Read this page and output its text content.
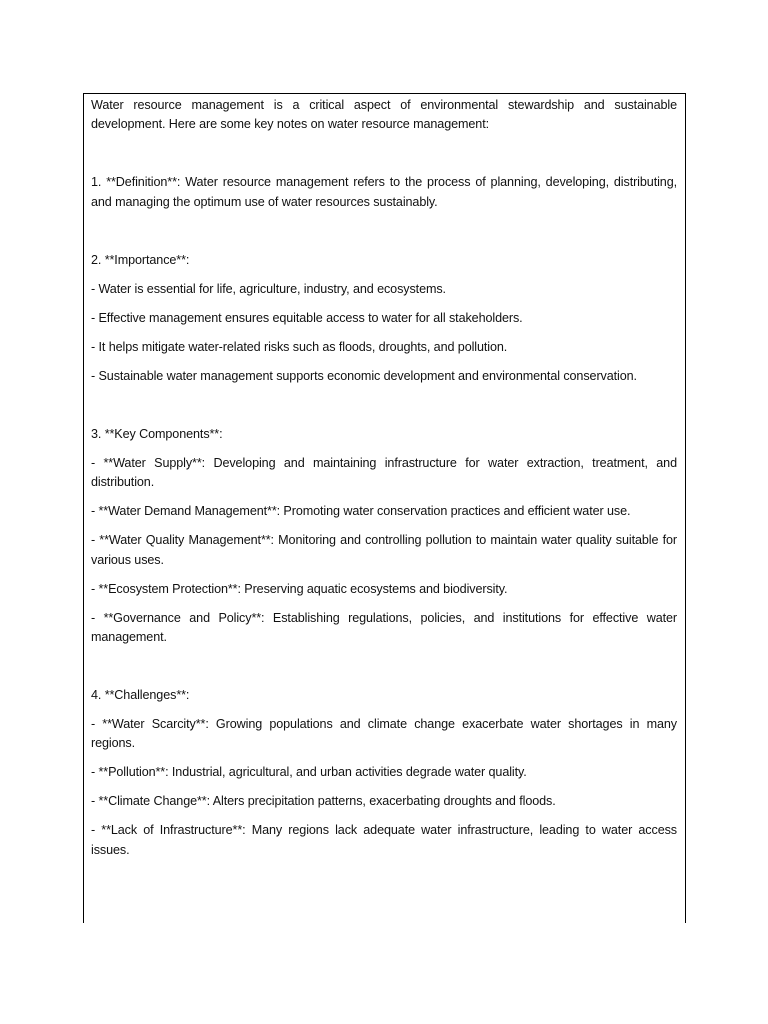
Water resource management is a critical aspect of environmental stewardship and sustainable development. Here are some key notes on water resource management:

1. **Definition**: Water resource management refers to the process of planning, developing, distributing, and managing the optimum use of water resources sustainably.

2. **Importance**:

- Water is essential for life, agriculture, industry, and ecosystems.

- Effective management ensures equitable access to water for all stakeholders.

- It helps mitigate water-related risks such as floods, droughts, and pollution.

- Sustainable water management supports economic development and environmental conservation.

3. **Key Components**:

- **Water Supply**: Developing and maintaining infrastructure for water extraction, treatment, and distribution.

- **Water Demand Management**: Promoting water conservation practices and efficient water use.

- **Water Quality Management**: Monitoring and controlling pollution to maintain water quality suitable for various uses.

- **Ecosystem Protection**: Preserving aquatic ecosystems and biodiversity.

- **Governance and Policy**: Establishing regulations, policies, and institutions for effective water management.

4. **Challenges**:

- **Water Scarcity**: Growing populations and climate change exacerbate water shortages in many regions.

- **Pollution**: Industrial, agricultural, and urban activities degrade water quality.

- **Climate Change**: Alters precipitation patterns, exacerbating droughts and floods.

- **Lack of Infrastructure**: Many regions lack adequate water infrastructure, leading to water access issues.
